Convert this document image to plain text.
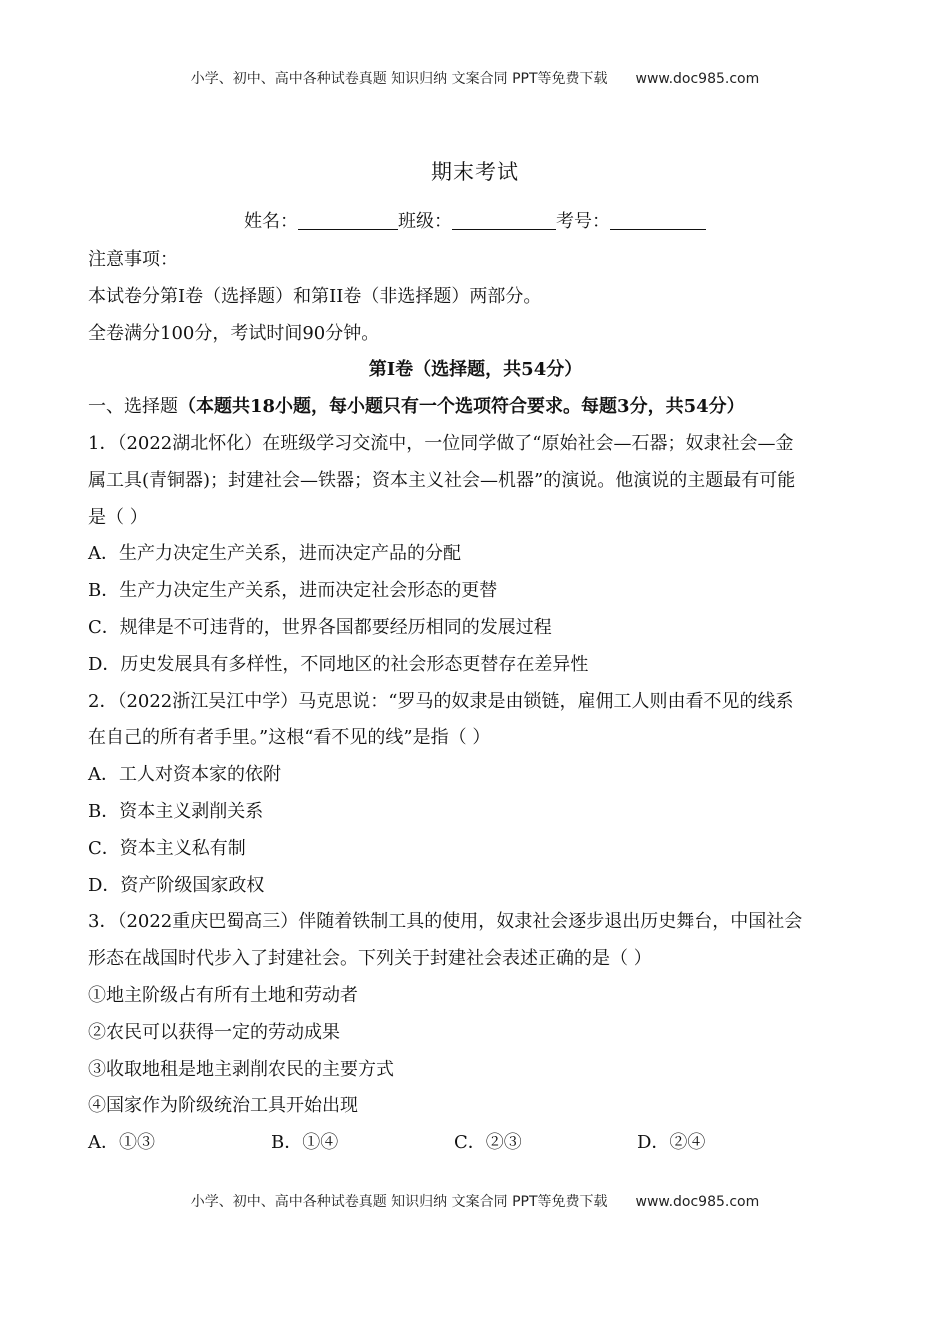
小学、初中、高中各种试卷真题 知识归纳 文案合同 PPT等免费下载 www.doc985.com
期末考试
姓名：	班级：	考号：
注意事项：
本试卷分第I卷（选择题）和第II卷（非选择题）两部分。
全卷满分100分，考试时间90分钟。
第I卷（选择题，共54分）
一、选择题（本题共18小题，每小题只有一个选项符合要求。每题3分，共54分）
1．（2022湖北怀化）在班级学习交流中，一位同学做了“原始社会—石器；奴隶社会—金
属工具(青铜器)；封建社会—铁器；资本主义社会—机器”的演说。他演说的主题最有可能
是（ ）
A．生产力决定生产关系，进而决定产品的分配
B．生产力决定生产关系，进而决定社会形态的更替
C．规律是不可违背的，世界各国都要经历相同的发展过程
D．历史发展具有多样性，不同地区的社会形态更替存在差异性
2．（2022浙江吴江中学）马克思说：“罗马的奴隶是由锁链，雇佣工人则由看不见的线系
在自己的所有者手里。”这根“看不见的线”是指（ ）
A．工人对资本家的依附
B．资本主义剥削关系
C．资本主义私有制
D．资产阶级国家政权
3．（2022重庆巴蜀高三）伴随着铁制工具的使用，奴隶社会逐步退出历史舞台，中国社会
形态在战国时代步入了封建社会。下列关于封建社会表述正确的是（ ）
①地主阶级占有所有土地和劳动者
②农民可以获得一定的劳动成果
③收取地租是地主剥削农民的主要方式
④国家作为阶级统治工具开始出现
A．①③	B．①④	C．②③	D．②④
小学、初中、高中各种试卷真题 知识归纳 文案合同 PPT等免费下载 www.doc985.com
